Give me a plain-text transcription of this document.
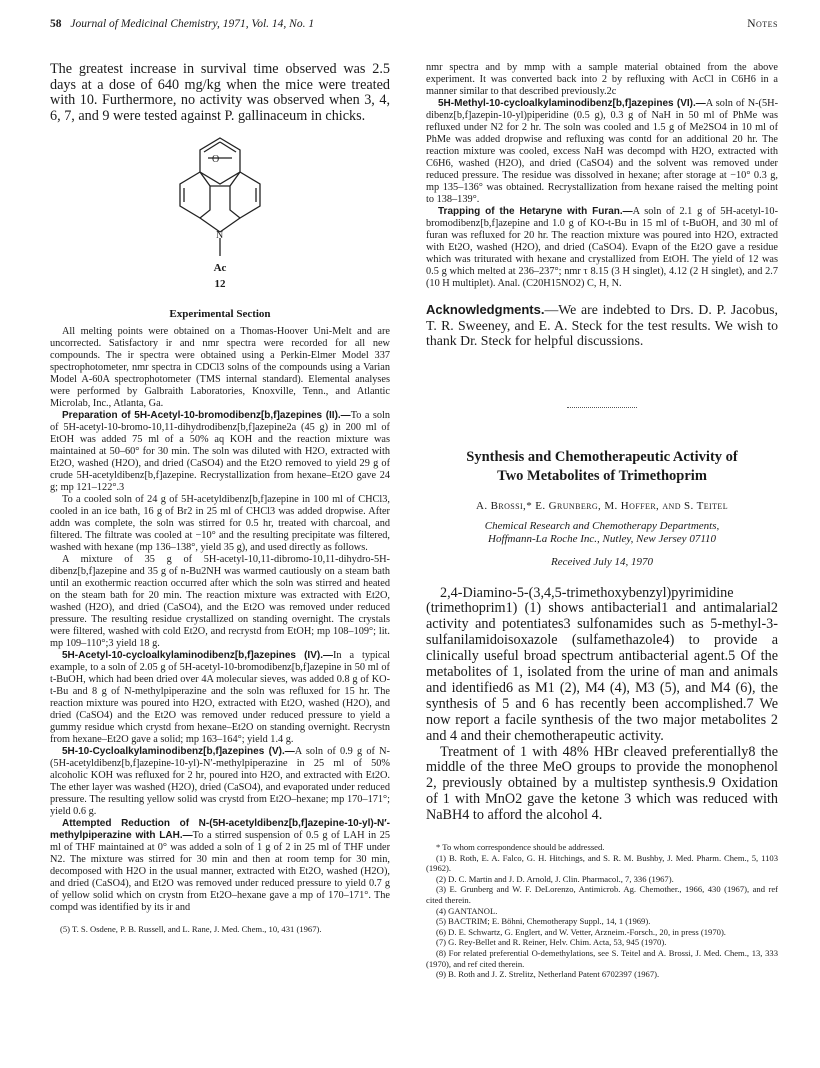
58 Journal of Medicinal Chemistry, 1971, Vol. 14, No. 1	Notes

The greatest increase in survival time observed was 2.5 days at a dose of 640 mg/kg when the mice were treated with 10. Furthermore, no activity was observed when 3, 4, 6, 7, and 9 were tested against P. gallinaceum in chicks.

O
N
Ac
12
Experimental Section

All melting points were obtained on a Thomas-Hoover Uni-Melt and are uncorrected. Satisfactory ir and nmr spectra were recorded for all new compounds. The ir spectra were obtained using a Perkin-Elmer Model 337 spectrophotometer, nmr spectra in CDCl3 solns of the compounds using a Varian Model A-60A spectrophotometer (TMS internal standard). Elemental analyses were performed by Galbraith Laboratories, Knoxville, Tenn., and Atlantic Microlab, Inc., Atlanta, Ga.

Preparation of 5H-Acetyl-10-bromodibenz[b,f]azepines (II).—To a soln of 5H-acetyl-10-bromo-10,11-dihydrodibenz[b,f]azepine2a (45 g) in 200 ml of EtOH was added 75 ml of a 50% aq KOH and the reaction mixture was maintained at 50–60° for 30 min. The soln was diluted with H2O, extracted with Et2O, washed (H2O), and dried (CaSO4) and the Et2O removed to yield 29 g of crude 5H-acetyldibenz[b,f]azepine. Recrystallization from hexane–Et2O gave 24 g; mp 121–122°.3

To a cooled soln of 24 g of 5H-acetyldibenz[b,f]azepine in 100 ml of CHCl3, cooled in an ice bath, 16 g of Br2 in 25 ml of CHCl3 was added dropwise. After addn was complete, the soln was stirred for 0.5 hr, treated with charcoal, and filtered. The filtrate was cooled at −10° and the resulting precipitate was filtered, washed with hexane (mp 136–138°, yield 35 g), and used directly as follows.

A mixture of 35 g of 5H-acetyl-10,11-dibromo-10,11-dihydro-5H-dibenz[b,f]azepine and 35 g of n-Bu2NH was warmed cautiously on a steam bath until an exothermic reaction occurred after which the soln was stirred and heated on the steam bath for 20 min. The reaction mixture was extracted with Et2O, washed (H2O), and dried (CaSO4), and the Et2O was removed under reduced pressure. The resulting residue crystallized on standing overnight. The crystals were filtered, washed with cold Et2O, and recrystd from EtOH; mp 108–109°; lit. mp 109–110°;3 yield 18 g.

5H-Acetyl-10-cycloalkylaminodibenz[b,f]azepines (IV).—In a typical example, to a soln of 2.05 g of 5H-acetyl-10-bromodibenz[b,f]azepine in 50 ml of t-BuOH, which had been dried over 4A molecular sieves, was added 0.8 g of KO-t-Bu and 8 g of N-methylpiperazine and the soln was refluxed for 15 hr. The reaction mixture was poured into H2O, extracted with Et2O, washed (H2O), and dried (CaSO4) and the Et2O was removed under reduced pressure to yield a gummy residue which crystd from hexane–Et2O on standing overnight. Recrystn from hexane–Et2O gave a solid; mp 163–164°; yield 1.4 g.

5H-10-Cycloalkylaminodibenz[b,f]azepines (V).—A soln of 0.9 g of N-(5H-acetyldibenz[b,f]azepine-10-yl)-N′-methylpiperazine in 25 ml of 50% alcoholic KOH was refluxed for 2 hr, poured into H2O, and extracted with Et2O. The ether layer was washed (H2O), dried (CaSO4), and evaporated under reduced pressure. The resulting yellow solid was crystd from Et2O–hexane; mp 170–171°; yield 0.6 g.

Attempted Reduction of N-(5H-acetyldibenz[b,f]azepine-10-yl)-N′-methylpiperazine with LAH.—To a stirred suspension of 0.5 g of LAH in 25 ml of THF maintained at 0° was added a soln of 1 g of 2 in 25 ml of THF under N2. The mixture was stirred for 30 min and then at room temp for 30 min, decomposed with H2O in the usual manner, extracted with Et2O, washed (H2O), and dried (CaSO4), and Et2O was removed under reduced pressure to yield 0.7 g of yellow solid which on crystn from Et2O–hexane gave a mp of 170–171°. The compd was identified by its ir and

(5) T. S. Osdene, P. B. Russell, and L. Rane, J. Med. Chem., 10, 431 (1967).

nmr spectra and by mmp with a sample material obtained from the above experiment. It was converted back into 2 by refluxing with AcCl in C6H6 in a manner similar to that described previously.2c

5H-Methyl-10-cycloalkylaminodibenz[b,f]azepines (VI).—A soln of N-(5H-dibenz[b,f]azepin-10-yl)piperidine (0.5 g), 0.3 g of NaH in 50 ml of PhMe was refluxed under N2 for 2 hr. The soln was cooled and 1.5 g of Me2SO4 in 10 ml of PhMe was added dropwise and refluxing was contd for an additional 20 hr. The reaction mixture was cooled, excess NaH was decompd with H2O, extracted with C6H6, washed (H2O), and dried (CaSO4) and the solvent was removed under reduced pressure. The residue was dissolved in hexane; after storage at −10° 0.3 g, mp 135–136° was obtained. Recrystallization from hexane raised the melting point to 138–139°.

Trapping of the Hetaryne with Furan.—A soln of 2.1 g of 5H-acetyl-10-bromodibenz[b,f]azepine and 1.0 g of KO-t-Bu in 15 ml of t-BuOH, and 30 ml of furan was refluxed for 20 hr. The reaction mixture was poured into H2O, extracted with Et2O, washed (H2O), and dried (CaSO4). Evapn of the Et2O gave a residue which was triturated with hexane and crystallized from EtOH. The yield of 12 was 0.5 g which melted at 236–237°; nmr τ 8.15 (3 H singlet), 4.12 (2 H singlet), and 2.7 (10 H multiplet). Anal. (C20H15NO2) C, H, N.

Acknowledgments.—We are indebted to Drs. D. P. Jacobus, T. R. Sweeney, and E. A. Steck for the test results. We wish to thank Dr. Steck for helpful discussions.

Synthesis and Chemotherapeutic Activity of Two Metabolites of Trimethoprim
A. Brossi,* E. Grunberg, M. Hoffer, and S. Teitel
Chemical Research and Chemotherapy Departments,
Hoffmann-La Roche Inc., Nutley, New Jersey 07110
Received July 14, 1970

2,4-Diamino-5-(3,4,5-trimethoxybenzyl)pyrimidine (trimethoprim1) (1) shows antibacterial1 and antimalarial2 activity and potentiates3 sulfonamides such as 5-methyl-3-sulfanilamidoisoxazole (sulfamethazole4) to provide a clinically useful broad spectrum antibacterial agent.5 Of the metabolites of 1, isolated from the urine of man and animals and identified6 as M1 (2), M4 (4), M3 (5), and M4 (6), the synthesis of 5 and 6 has recently been accomplished.7 We now report a facile synthesis of the two major metabolites 2 and 4 and their chemotherapeutic activity.

Treatment of 1 with 48% HBr cleaved preferentially8 the middle of the three MeO groups to provide the monophenol 2, previously obtained by a multistep synthesis.9 Oxidation of 1 with MnO2 gave the ketone 3 which was reduced with NaBH4 to afford the alcohol 4.

* To whom correspondence should be addressed.

(1) B. Roth, E. A. Falco, G. H. Hitchings, and S. R. M. Bushby, J. Med. Pharm. Chem., 5, 1103 (1962).

(2) D. C. Martin and J. D. Arnold, J. Clin. Pharmacol., 7, 336 (1967).

(3) E. Grunberg and W. F. DeLorenzo, Antimicrob. Ag. Chemother., 1966, 430 (1967), and ref cited therein.

(4) GANTANOL.

(5) BACTRIM; E. Böhni, Chemotherapy Suppl., 14, 1 (1969).

(6) D. E. Schwartz, G. Englert, and W. Vetter, Arzneim.-Forsch., 20, in press (1970).

(7) G. Rey-Bellet and R. Reiner, Helv. Chim. Acta, 53, 945 (1970).

(8) For related preferential O-demethylations, see S. Teitel and A. Brossi, J. Med. Chem., 13, 333 (1970), and ref cited therein.

(9) B. Roth and J. Z. Strelitz, Netherland Patent 6702397 (1967).
